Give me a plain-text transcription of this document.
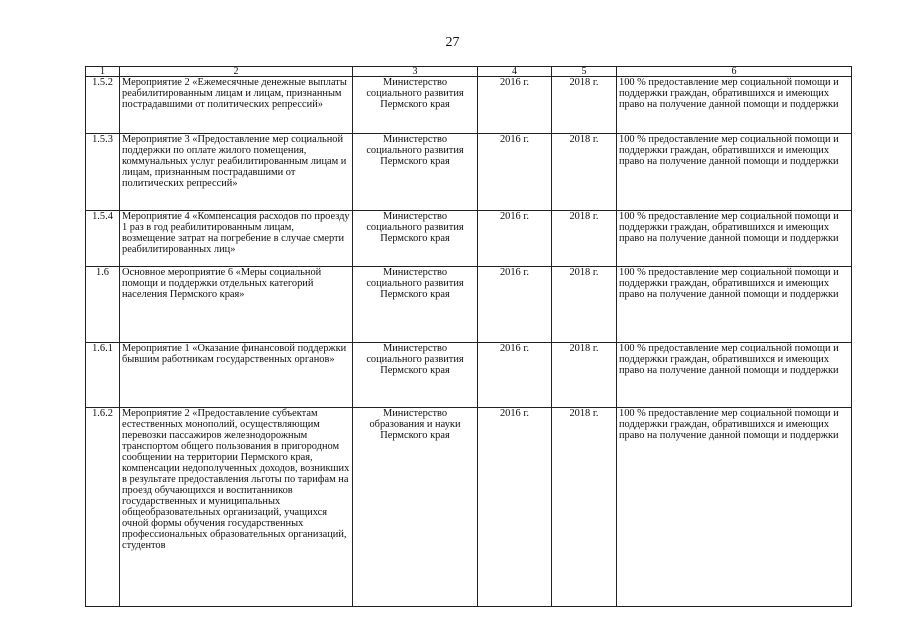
27
1	2	3	4	5	6
1.5.2	Мероприятие 2 «Ежемесячные денежные выплаты реабилитированным лицам и лицам, признанным пострадавшими от политических репрессий»	Министерство социального развития Пермского края	2016 г.	2018 г.	100 % предоставление мер социальной помощи и поддержки граждан, обратившихся и имеющих право на получение данной помощи и поддержки
1.5.3	Мероприятие 3 «Предоставление мер социальной поддержки по оплате жилого помещения, коммунальных услуг реабилитированным лицам и лицам, признанным пострадавшими от политических репрессий»	Министерство социального развития Пермского края	2016 г.	2018 г.	100 % предоставление мер социальной помощи и поддержки граждан, обратившихся и имеющих право на получение данной помощи и поддержки
1.5.4	Мероприятие 4 «Компенсация расходов по проезду 1 раз в год реабилитированным лицам, возмещение затрат на погребение в случае смерти реабилитированных лиц»	Министерство социального развития Пермского края	2016 г.	2018 г.	100 % предоставление мер социальной помощи и поддержки граждан, обратившихся и имеющих право на получение данной помощи и поддержки
1.6	Основное мероприятие 6 «Меры социальной помощи и поддержки отдельных категорий населения Пермского края»	Министерство социального развития Пермского края	2016 г.	2018 г.	100 % предоставление мер социальной помощи и поддержки граждан, обратившихся и имеющих право на получение данной помощи и поддержки
1.6.1	Мероприятие 1 «Оказание финансовой поддержки бывшим работникам государственных органов»	Министерство социального развития Пермского края	2016 г.	2018 г.	100 % предоставление мер социальной помощи и поддержки граждан, обратившихся и имеющих право на получение данной помощи и поддержки
1.6.2	Мероприятие 2 «Предоставление субъектам естественных монополий, осуществляющим перевозки пассажиров железнодорожным транспортом общего пользования в пригородном сообщении на территории Пермского края, компенсации недополученных доходов, возникших в результате предоставления льготы по тарифам на проезд обучающихся и воспитанников государственных и муниципальных общеобразовательных организаций, учащихся очной формы обучения государственных профессиональных образовательных организаций, студентов	Министерство образования и науки Пермского края	2016 г.	2018 г.	100 % предоставление мер социальной помощи и поддержки граждан, обратившихся и имеющих право на получение данной помощи и поддержки
